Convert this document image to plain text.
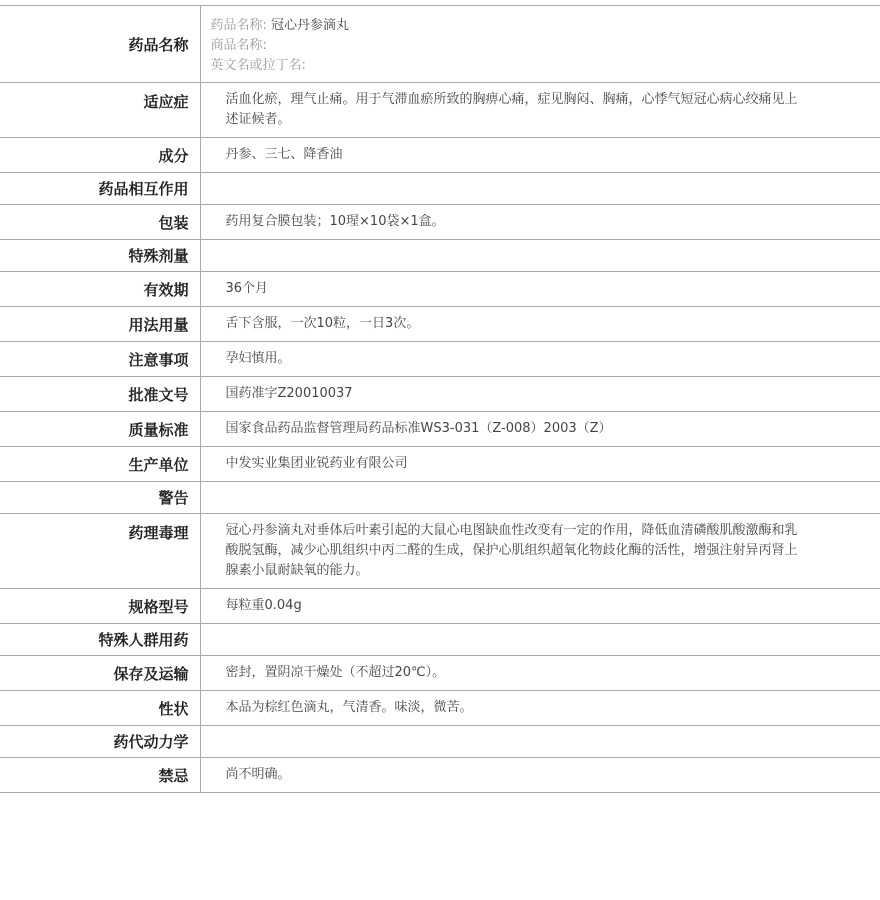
药品名称	药品名称: 冠心丹参滴丸
商品名称:
英文名或拉丁名:

适应症	活血化瘀，理气止痛。用于气滞血瘀所致的胸痹心痛，症见胸闷、胸痛，心悸气短冠心病心绞痛见上述证候者。
成分	丹参、三七、降香油
药品相互作用	
包装	药用复合膜包装；10瑆×10袋×1盒。
特殊剂量	
有效期	36个月
用法用量	舌下含服，一次10粒，一日3次。
注意事项	孕妇慎用。
批准文号	国药准字Z20010037
质量标准	国家食品药品监督管理局药品标准WS3-031（Z-008）2003（Z）
生产单位	中发实业集团业锐药业有限公司
警告	
药理毒理	冠心丹参滴丸对垂体后叶素引起的大鼠心电图缺血性改变有一定的作用，降低血清磷酸肌酸激酶和乳酸脱氢酶，减少心肌组织中丙二醛的生成，保护心肌组织超氧化物歧化酶的活性，增强注射异丙肾上腺素小鼠耐缺氧的能力。
规格型号	每粒重0.04g
特殊人群用药	
保存及运输	密封，置阴凉干燥处（不超过20℃）。
性状	本品为棕红色滴丸，气清香。味淡，微苦。
药代动力学	
禁忌	尚不明确。
